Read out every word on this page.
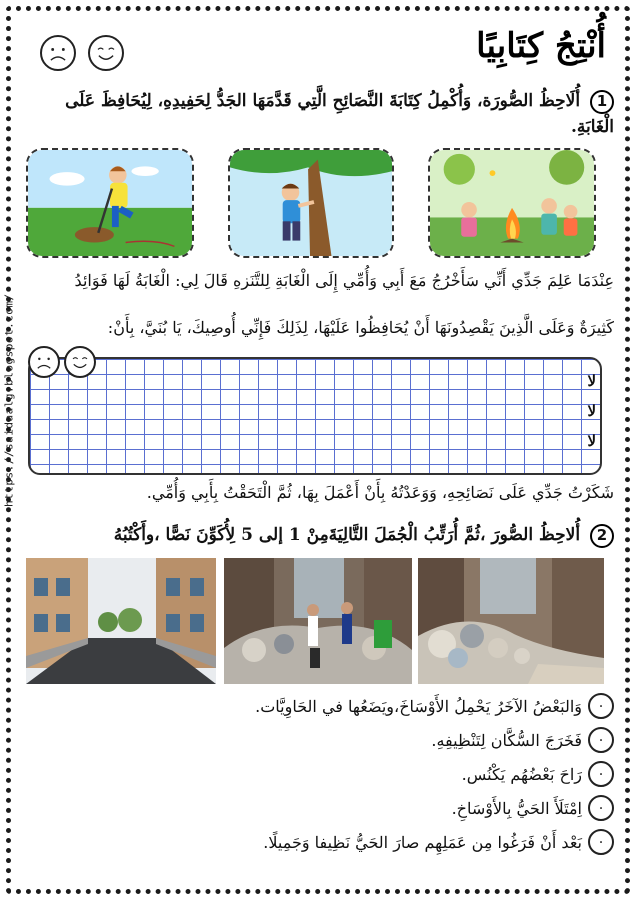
https://saidaalg.blogspot.com/
أُنْتِجُ كِتَابِيًا
1 أُلَاحِظُ الصُّورَة، وَأُكْمِلُ كِتَابَةَ النَّصَائِحِ الَّتِي قَدَّمَهَا الجَدُّ لِحَفِيدِهِ، لِيُحَافِظَ عَلَى
الْغَابَةِ.
عِنْدَمَا عَلِمَ جَدِّي أَنِّي سَأَخْرُجُ مَعَ أَبِي وَأُمِّي إِلَى الْغَابَةِ لِلتَّنَزهِ قَالَ لِي: الْغَابَةُ لَهَا فَوَائِدُ
كَثِيرَةٌ وَعَلَى الَّذِينَ يَقْصِدُونَهَا أَنْ يُحَافِظُوا عَلَيْهَا، لِذَلِكَ فَإِنِّي أُوصِيكَ، يَا بُنَيَّ، بِأَنْ:
لا
لا
لا
شَكَرْتُ جَدِّي عَلَى نَصَائِحِهِ، وَوَعَدْتُهُ بِأَنْ أَعْمَلَ بِهَا، ثُمَّ الْتَحَقْتُ بِأَبِي وَأُمِّي.
2 أُلاحِظُ الصُّورَ ،ثُمَّ أُرَتِّبُ الْجُمَلَ التَّالِيَةَمِنْ 1 إلى 5 لِأُكَوِّنَ نَصًّا ،وأَكْتُبُهُ
٠
وَالبَعْضُ الآخَرُ يَحْمِلُ الأَوْسَاخَ،ويَضَعُها في الحَاوِيَّات.
٠
فَخَرَجَ السُّكَّان لِتَنْظِيفِهِ.
٠
رَاحَ بَعْضُهُم يَكْنُس.
٠
اِمْتَلَأَ الحَيُّ بِالأَوْسَاخِ.
٠
بَعْد أَنْ فَرَغُوا مِن عَمَلِهِم صارَ الحَيُّ نَظِيفا وَجَمِيلًا.
